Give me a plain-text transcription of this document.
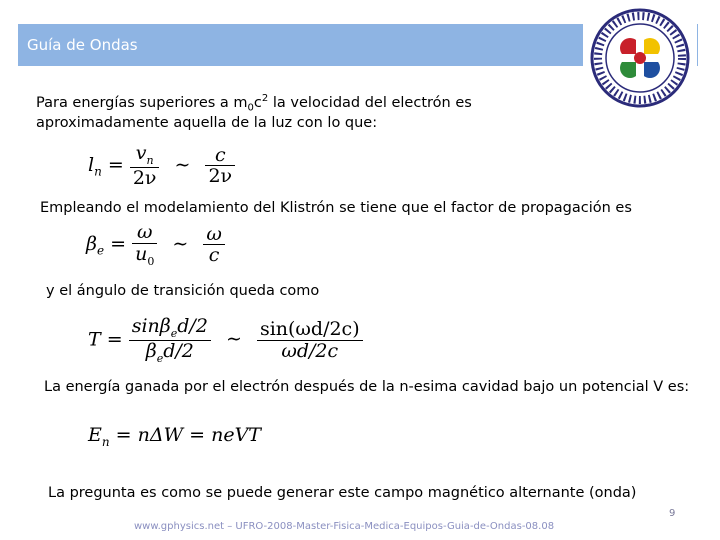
Guía de Ondas
Para energías superiores a $m_0c^2$ la velocidad del electrón es
aproximadamente aquella de la luz con lo que:
$l_n = \frac{v_n}{2\nu}$ ∼ $\frac{c}{2\nu}$
Empleando el modelamiento del Klistrón se tiene que el factor de propagación es
$\beta_e = \frac{\omega}{u_0}$ ∼ $\frac{\omega}{c}$
y el ángulo de transición queda como
$T = \frac{\sin\beta_ed/2}{\beta_ed/2}$ ∼ $\frac{\sin(\omega d/2c)}{\omega d/2c}$
La energía ganada por el electrón después de la n-esima cavidad bajo un potencial V es:
$E_n = n\Delta W$ = neVT
La pregunta es como se puede generar este campo magnético alternante (onda)
9
www.gphysics.net – UFRO-2008-Master-Fisica-Medica-Equipos-Guia-de-Ondas-08.08
